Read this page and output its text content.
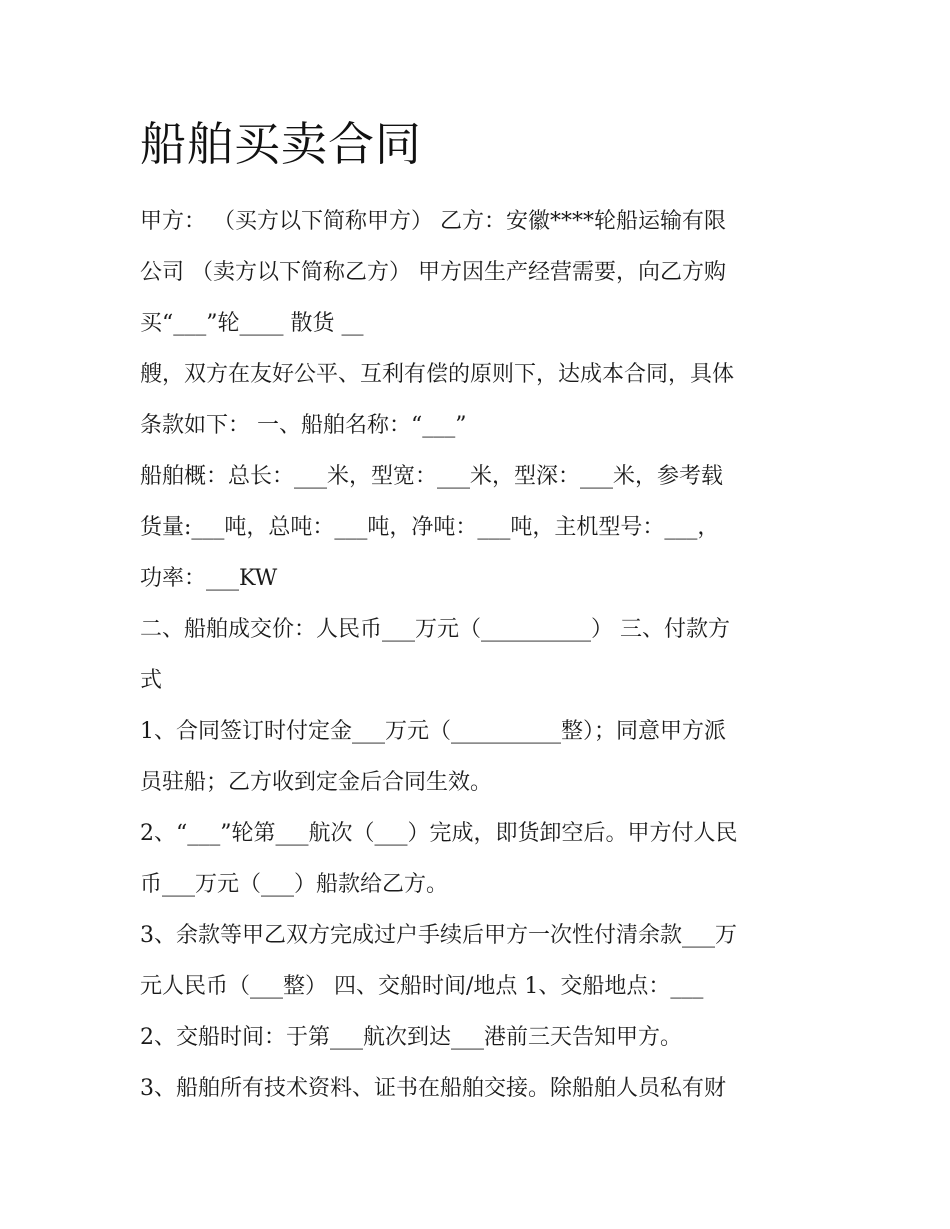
船舶买卖合同

甲方： （买方以下简称甲方） 乙方：安徽****轮船运输有限

公司 （卖方以下简称乙方） 甲方因生产经营需要，向乙方购

买“___”轮____ 散货 __

艘，双方在友好公平、互利有偿的原则下，达成本合同，具体

条款如下： 一、船舶名称：“___”

船舶概：总长：___米，型宽：___米，型深：___米，参考载

货量:___吨，总吨：___吨，净吨：___吨，主机型号：___，

功率：___KW

二、船舶成交价：人民币___万元（__________） 三、付款方

式

1、合同签订时付定金___万元（__________整）；同意甲方派

员驻船；乙方收到定金后合同生效。

2、“___”轮第___航次（___）完成，即货卸空后。甲方付人民

币___万元（___）船款给乙方。

3、余款等甲乙双方完成过户手续后甲方一次性付清余款___万

元人民币（___整） 四、交船时间/地点 1、交船地点：___

2、交船时间：于第___航次到达___港前三天告知甲方。

3、船舶所有技术资料、证书在船舶交接。除船舶人员私有财
